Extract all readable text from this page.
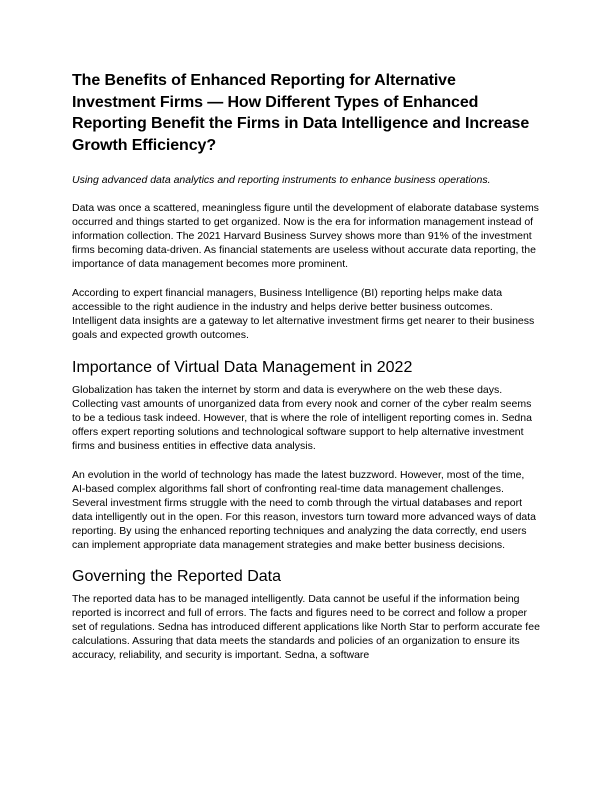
The Benefits of Enhanced Reporting for Alternative Investment Firms — How Different Types of Enhanced Reporting Benefit the Firms in Data Intelligence and Increase Growth Efficiency?

Using advanced data analytics and reporting instruments to enhance business operations.

Data was once a scattered, meaningless figure until the development of elaborate database systems occurred and things started to get organized. Now is the era for information management instead of information collection. The 2021 Harvard Business Survey shows more than 91% of the investment firms becoming data-driven. As financial statements are useless without accurate data reporting, the importance of data management becomes more prominent.

According to expert financial managers, Business Intelligence (BI) reporting helps make data accessible to the right audience in the industry and helps derive better business outcomes. Intelligent data insights are a gateway to let alternative investment firms get nearer to their business goals and expected growth outcomes.

Importance of Virtual Data Management in 2022

Globalization has taken the internet by storm and data is everywhere on the web these days. Collecting vast amounts of unorganized data from every nook and corner of the cyber realm seems to be a tedious task indeed. However, that is where the role of intelligent reporting comes in. Sedna offers expert reporting solutions and technological software support to help alternative investment firms and business entities in effective data analysis.

An evolution in the world of technology has made the latest buzzword. However, most of the time, AI-based complex algorithms fall short of confronting real-time data management challenges. Several investment firms struggle with the need to comb through the virtual databases and report data intelligently out in the open. For this reason, investors turn toward more advanced ways of data reporting. By using the enhanced reporting techniques and analyzing the data correctly, end users can implement appropriate data management strategies and make better business decisions.

Governing the Reported Data

The reported data has to be managed intelligently. Data cannot be useful if the information being reported is incorrect and full of errors. The facts and figures need to be correct and follow a proper set of regulations. Sedna has introduced different applications like North Star to perform accurate fee calculations. Assuring that data meets the standards and policies of an organization to ensure its accuracy, reliability, and security is important. Sedna, a software
